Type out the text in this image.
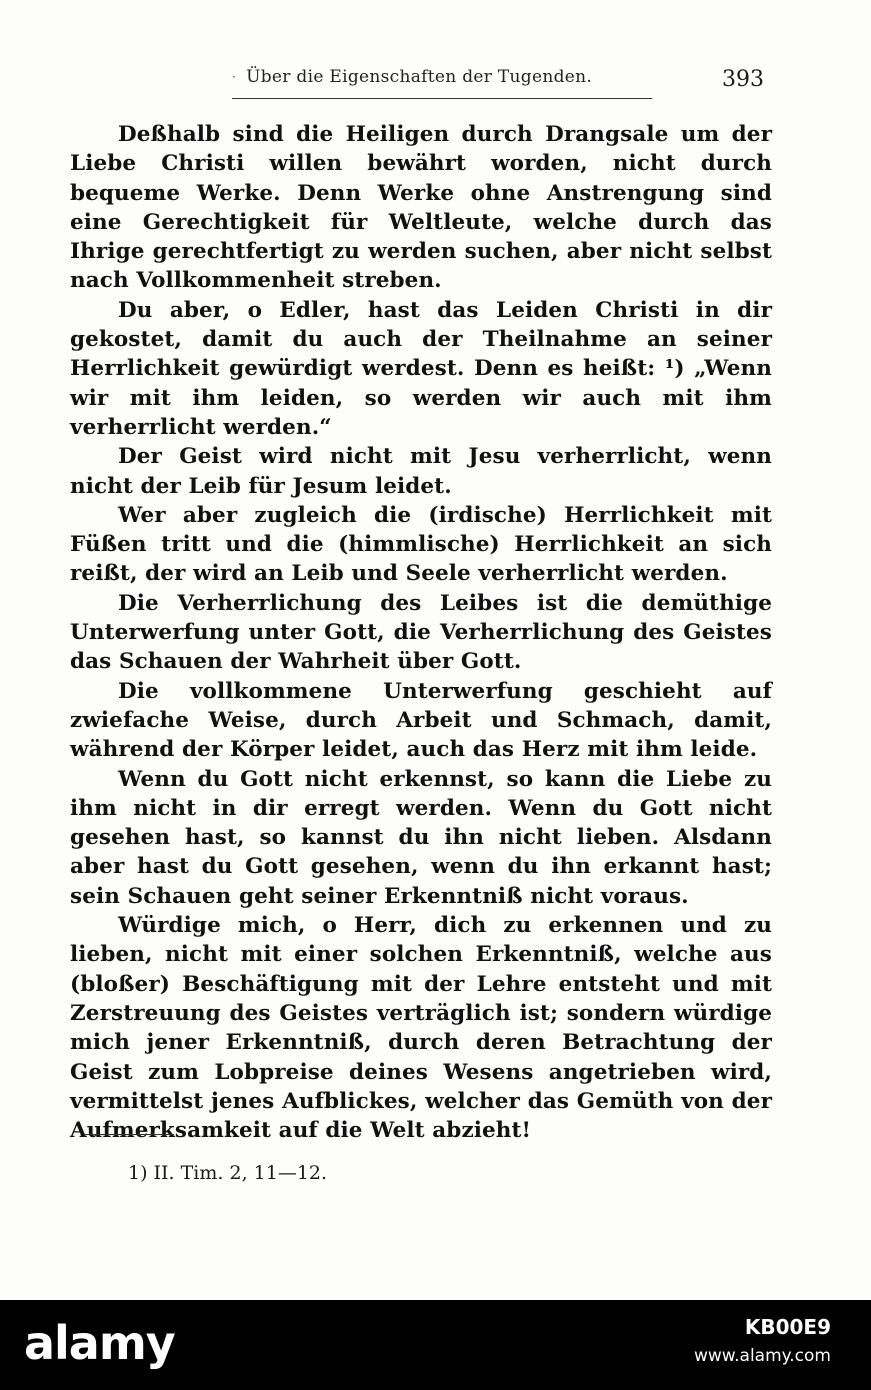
· Über die Eigenschaften der Tugenden.	393

Deßhalb sind die Heiligen durch Drangsale um der Liebe Christi willen bewährt worden, nicht durch bequeme Werke. Denn Werke ohne Anstrengung sind eine Gerechtigkeit für Weltleute, welche durch das Ihrige gerechtfertigt zu werden suchen, aber nicht selbst nach Vollkommenheit streben.

Du aber, o Edler, hast das Leiden Christi in dir gekostet, damit du auch der Theilnahme an seiner Herrlichkeit gewürdigt werdest. Denn es heißt: ¹) „Wenn wir mit ihm leiden, so werden wir auch mit ihm verherrlicht werden.“

Der Geist wird nicht mit Jesu verherrlicht, wenn nicht der Leib für Jesum leidet.

Wer aber zugleich die (irdische) Herrlichkeit mit Füßen tritt und die (himmlische) Herrlichkeit an sich reißt, der wird an Leib und Seele verherrlicht werden.

Die Verherrlichung des Leibes ist die demüthige Unterwerfung unter Gott, die Verherrlichung des Geistes das Schauen der Wahrheit über Gott.

Die vollkommene Unterwerfung geschieht auf zwiefache Weise, durch Arbeit und Schmach, damit, während der Körper leidet, auch das Herz mit ihm leide.

Wenn du Gott nicht erkennst, so kann die Liebe zu ihm nicht in dir erregt werden. Wenn du Gott nicht gesehen hast, so kannst du ihn nicht lieben. Alsdann aber hast du Gott gesehen, wenn du ihn erkannt hast; sein Schauen geht seiner Erkenntniß nicht voraus.

Würdige mich, o Herr, dich zu erkennen und zu lieben, nicht mit einer solchen Erkenntniß, welche aus (bloßer) Beschäftigung mit der Lehre entsteht und mit Zerstreuung des Geistes verträglich ist; sondern würdige mich jener Erkenntniß, durch deren Betrachtung der Geist zum Lobpreise deines Wesens angetrieben wird, vermittelst jenes Aufblickes, welcher das Gemüth von der Aufmerksamkeit auf die Welt abzieht!

1) II. Tim. 2, 11—12.
alamy	KB00E9
www.alamy.com
